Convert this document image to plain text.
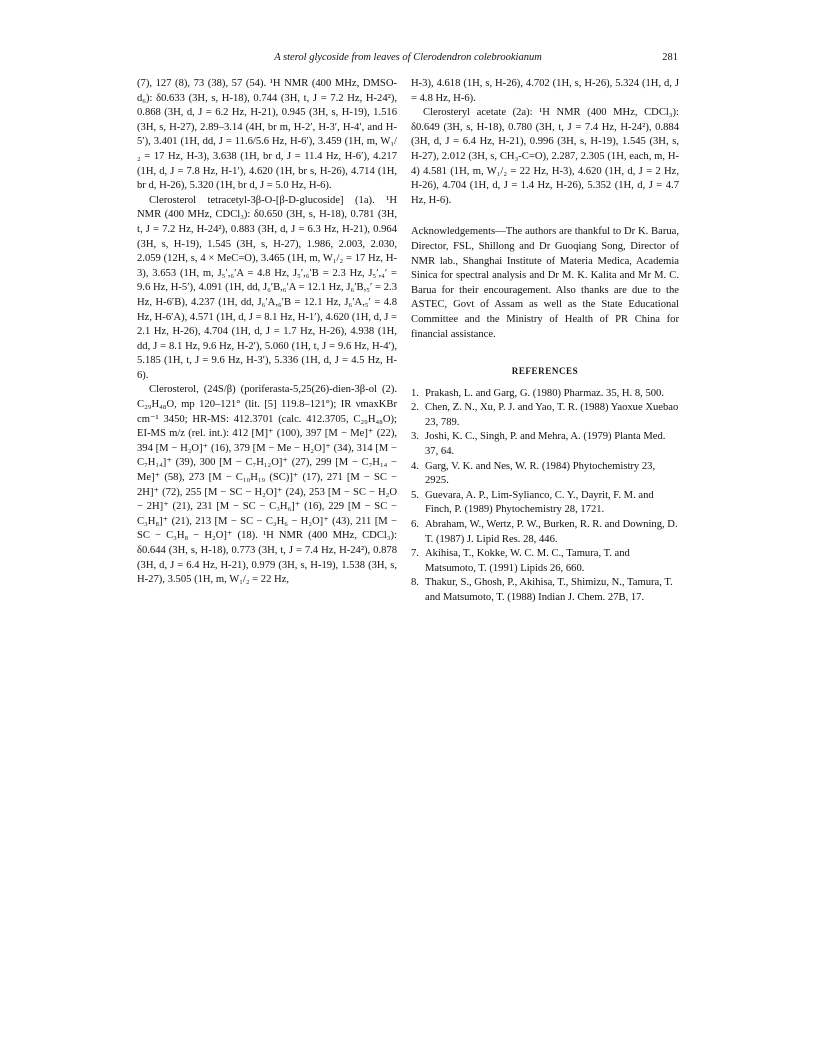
A sterol glycoside from leaves of Clerodendron colebrookianum	281

(7), 127 (8), 73 (38), 57 (54). ¹H NMR (400 MHz, DMSO-d₆): δ0.633 (3H, s, H-18), 0.744 (3H, t, J = 7.2 Hz, H-24²), 0.868 (3H, d, J = 6.2 Hz, H-21), 0.945 (3H, s, H-19), 1.516 (3H, s, H-27), 2.89–3.14 (4H, br m, H-2′, H-3′, H-4′, and H-5′), 3.401 (1H, dd, J = 11.6/5.6 Hz, H-6′), 3.459 (1H, m, W₁/₂ = 17 Hz, H-3), 3.638 (1H, br d, J = 11.4 Hz, H-6′), 4.217 (1H, d, J = 7.8 Hz, H-1′), 4.620 (1H, br s, H-26), 4.714 (1H, br d, H-26), 5.320 (1H, br d, J = 5.0 Hz, H-6).

Clerosterol tetracetyl-3β-O-[β-D-glucoside] (1a). ¹H NMR (400 MHz, CDCl₃): δ0.650 (3H, s, H-18), 0.781 (3H, t, J = 7.2 Hz, H-24²), 0.883 (3H, d, J = 6.3 Hz, H-21), 0.964 (3H, s, H-19), 1.545 (3H, s, H-27), 1.986, 2.003, 2.030, 2.059 (12H, s, 4 × MeC=O), 3.465 (1H, m, W₁/₂ = 17 Hz, H-3), 3.653 (1H, m, J₅′,₆′A = 4.8 Hz, J₅′,₆′B = 2.3 Hz, J₅′,₄′ = 9.6 Hz, H-5′), 4.091 (1H, dd, J₆′B,₆′A = 12.1 Hz, J₆′B,₅′ = 2.3 Hz, H-6′B), 4.237 (1H, dd, J₆′A,₆′B = 12.1 Hz, J₆′A,₅′ = 4.8 Hz, H-6′A), 4.571 (1H, d, J = 8.1 Hz, H-1′), 4.620 (1H, d, J = 2.1 Hz, H-26), 4.704 (1H, d, J = 1.7 Hz, H-26), 4.938 (1H, dd, J = 8.1 Hz, 9.6 Hz, H-2′), 5.060 (1H, t, J = 9.6 Hz, H-4′), 5.185 (1H, t, J = 9.6 Hz, H-3′), 5.336 (1H, d, J = 4.5 Hz, H-6).

Clerosterol, (24S/β) (poriferasta-5,25(26)-dien-3β-ol (2). C₂₉H₄₈O, mp 120–121° (lit. [5] 119.8–121°); IR νmaxKBr cm⁻¹ 3450; HR-MS: 412.3701 (calc. 412.3705, C₂₉H₄₈O); EI-MS m/z (rel. int.): 412 [M]⁺ (100), 397 [M − Me]⁺ (22), 394 [M − H₂O]⁺ (16), 379 [M − Me − H₂O]⁺ (34), 314 [M − C₇H₁₄]⁺ (39), 300 [M − C₇H₁₂O]⁺ (27), 299 [M − C₇H₁₄ − Me]⁺ (58), 273 [M − C₁₀H₁₉ (SC)]⁺ (17), 271 [M − SC − 2H]⁺ (72), 255 [M − SC − H₂O]⁺ (24), 253 [M − SC − H₂O − 2H]⁺ (21), 231 [M − SC − C₃H₆]⁺ (16), 229 [M − SC − C₃H₈]⁺ (21), 213 [M − SC − C₃H₆ − H₂O]⁺ (43), 211 [M − SC − C₃H₈ − H₂O]⁺ (18). ¹H NMR (400 MHz, CDCl₃): δ0.644 (3H, s, H-18), 0.773 (3H, t, J = 7.4 Hz, H-24²), 0.878 (3H, d, J = 6.4 Hz, H-21), 0.979 (3H, s, H-19), 1.538 (3H, s, H-27), 3.505 (1H, m, W₁/₂ = 22 Hz,

H-3), 4.618 (1H, s, H-26), 4.702 (1H, s, H-26), 5.324 (1H, d, J = 4.8 Hz, H-6).

Clerosteryl acetate (2a): ¹H NMR (400 MHz, CDCl₃): δ0.649 (3H, s, H-18), 0.780 (3H, t, J = 7.4 Hz, H-24²), 0.884 (3H, d, J = 6.4 Hz, H-21), 0.996 (3H, s, H-19), 1.545 (3H, s, H-27), 2.012 (3H, s, CH₃-C=O), 2.287, 2.305 (1H, each, m, H-4) 4.581 (1H, m, W₁/₂ = 22 Hz, H-3), 4.620 (1H, d, J = 2 Hz, H-26), 4.704 (1H, d, J = 1.4 Hz, H-26), 5.352 (1H, d, J = 4.7 Hz, H-6).

Acknowledgements—The authors are thankful to Dr K. Barua, Director, FSL, Shillong and Dr Guoqiang Song, Director of NMR lab., Shanghai Institute of Materia Medica, Academia Sinica for spectral analysis and Dr M. K. Kalita and Mr M. C. Barua for their encouragement. Also thanks are due to the ASTEC, Govt of Assam as well as the State Educational Committee and the Ministry of Health of PR China for financial assistance.

REFERENCES
1. Prakash, L. and Garg, G. (1980) Pharmaz. 35, H. 8, 500.
2. Chen, Z. N., Xu, P. J. and Yao, T. R. (1988) Yaoxue Xuebao 23, 789.
3. Joshi, K. C., Singh, P. and Mehra, A. (1979) Planta Med. 37, 64.
4. Garg, V. K. and Nes, W. R. (1984) Phytochemistry 23, 2925.
5. Guevara, A. P., Lim-Sylianco, C. Y., Dayrit, F. M. and Finch, P. (1989) Phytochemistry 28, 1721.
6. Abraham, W., Wertz, P. W., Burken, R. R. and Downing, D. T. (1987) J. Lipid Res. 28, 446.
7. Akihisa, T., Kokke, W. C. M. C., Tamura, T. and Matsumoto, T. (1991) Lipids 26, 660.
8. Thakur, S., Ghosh, P., Akihisa, T., Shimizu, N., Tamura, T. and Matsumoto, T. (1988) Indian J. Chem. 27B, 17.
